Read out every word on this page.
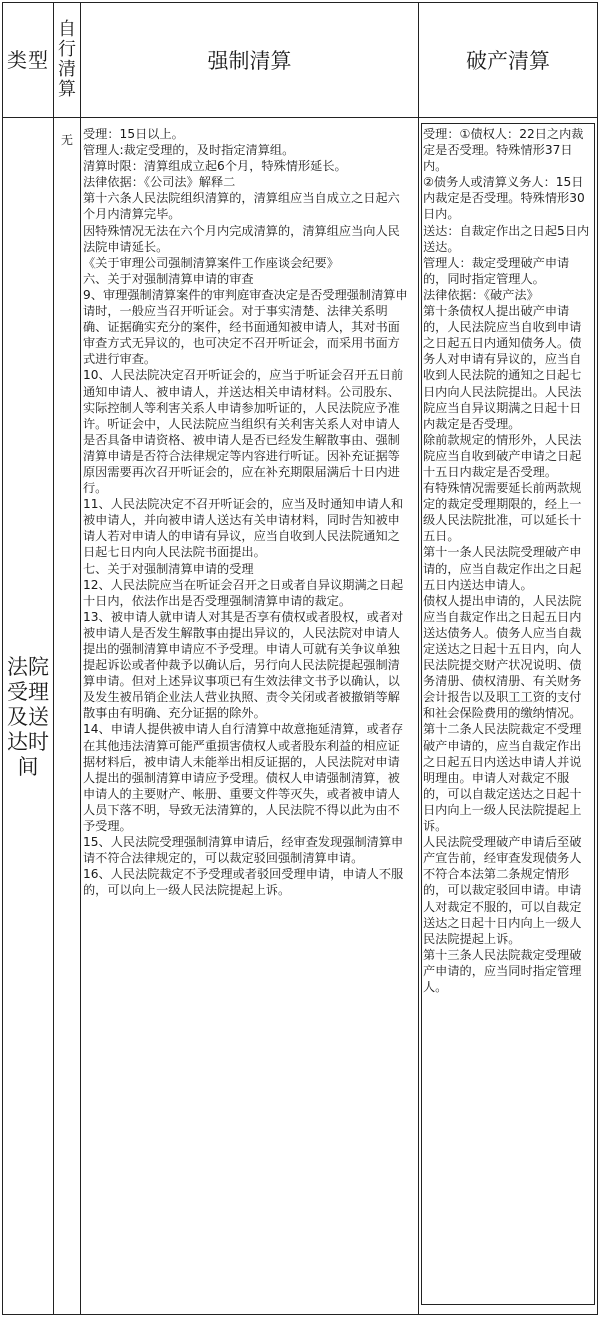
类型
自行清算
强制清算	破产清算
法院受理及送达时间
无 受理：15日以上。

管理人:裁定受理的，及时指定清算组。

清算时限：清算组成立起6个月，特殊情形延长。

法律依据：《公司法》解释二

第十六条人民法院组织清算的，清算组应当自成立之日起六个月内清算完毕。

因特殊情况无法在六个月内完成清算的，清算组应当向人民法院申请延长。

《关于审理公司强制清算案件工作座谈会纪要》

六、关于对强制清算申请的审查

9、审理强制清算案件的审判庭审查决定是否受理强制清算申请时，一般应当召开听证会。对于事实清楚、法律关系明确、证据确实充分的案件，经书面通知被申请人，其对书面审查方式无异议的，也可决定不召开听证会，而采用书面方式进行审查。

10、人民法院决定召开听证会的，应当于听证会召开五日前通知申请人、被申请人，并送达相关申请材料。公司股东、实际控制人等利害关系人申请参加听证的，人民法院应予准许。听证会中，人民法院应当组织有关利害关系人对申请人是否具备申请资格、被申请人是否已经发生解散事由、强制清算申请是否符合法律规定等内容进行听证。因补充证据等原因需要再次召开听证会的，应在补充期限届满后十日内进行。

11、人民法院决定不召开听证会的，应当及时通知申请人和被申请人，并向被申请人送达有关申请材料，同时告知被申请人若对申请人的申请有异议，应当自收到人民法院通知之日起七日内向人民法院书面提出。

七、关于对强制清算申请的受理

12、人民法院应当在听证会召开之日或者自异议期满之日起十日内，依法作出是否受理强制清算申请的裁定。

13、被申请人就申请人对其是否享有债权或者股权，或者对被申请人是否发生解散事由提出异议的，人民法院对申请人提出的强制清算申请应不予受理。申请人可就有关争议单独提起诉讼或者仲裁予以确认后，另行向人民法院提起强制清算申请。但对上述异议事项已有生效法律文书予以确认，以及发生被吊销企业法人营业执照、责令关闭或者被撤销等解散事由有明确、充分证据的除外。

14、申请人提供被申请人自行清算中故意拖延清算，或者存在其他违法清算可能严重损害债权人或者股东利益的相应证据材料后，被申请人未能举出相反证据的，人民法院对申请人提出的强制清算申请应予受理。债权人申请强制清算，被申请人的主要财产、帐册、重要文件等灭失，或者被申请人人员下落不明，导致无法清算的，人民法院不得以此为由不予受理。

15、人民法院受理强制清算申请后，经审查发现强制清算申请不符合法律规定的，可以裁定驳回强制清算申请。

16、人民法院裁定不予受理或者驳回受理申请，申请人不服的，可以向上一级人民法院提起上诉。

受理：①债权人：22日之内裁定是否受理。特殊情形37日内。

②债务人或清算义务人：15日内裁定是否受理。特殊情形30日内。

送达：自裁定作出之日起5日内送达。

管理人：裁定受理破产申请的，同时指定管理人。

法律依据：《破产法》

第十条债权人提出破产申请的，人民法院应当自收到申请之日起五日内通知债务人。债务人对申请有异议的，应当自收到人民法院的通知之日起七日内向人民法院提出。人民法院应当自异议期满之日起十日内裁定是否受理。

除前款规定的情形外，人民法院应当自收到破产申请之日起十五日内裁定是否受理。

有特殊情况需要延长前两款规定的裁定受理期限的，经上一级人民法院批准，可以延长十五日。

第十一条人民法院受理破产申请的，应当自裁定作出之日起五日内送达申请人。

债权人提出申请的，人民法院应当自裁定作出之日起五日内送达债务人。债务人应当自裁定送达之日起十五日内，向人民法院提交财产状况说明、债务清册、债权清册、有关财务会计报告以及职工工资的支付和社会保险费用的缴纳情况。

第十二条人民法院裁定不受理破产申请的，应当自裁定作出之日起五日内送达申请人并说明理由。申请人对裁定不服的，可以自裁定送达之日起十日内向上一级人民法院提起上诉。

人民法院受理破产申请后至破产宣告前，经审查发现债务人不符合本法第二条规定情形的，可以裁定驳回申请。申请人对裁定不服的，可以自裁定送达之日起十日内向上一级人民法院提起上诉。

第十三条人民法院裁定受理破产申请的，应当同时指定管理人。
